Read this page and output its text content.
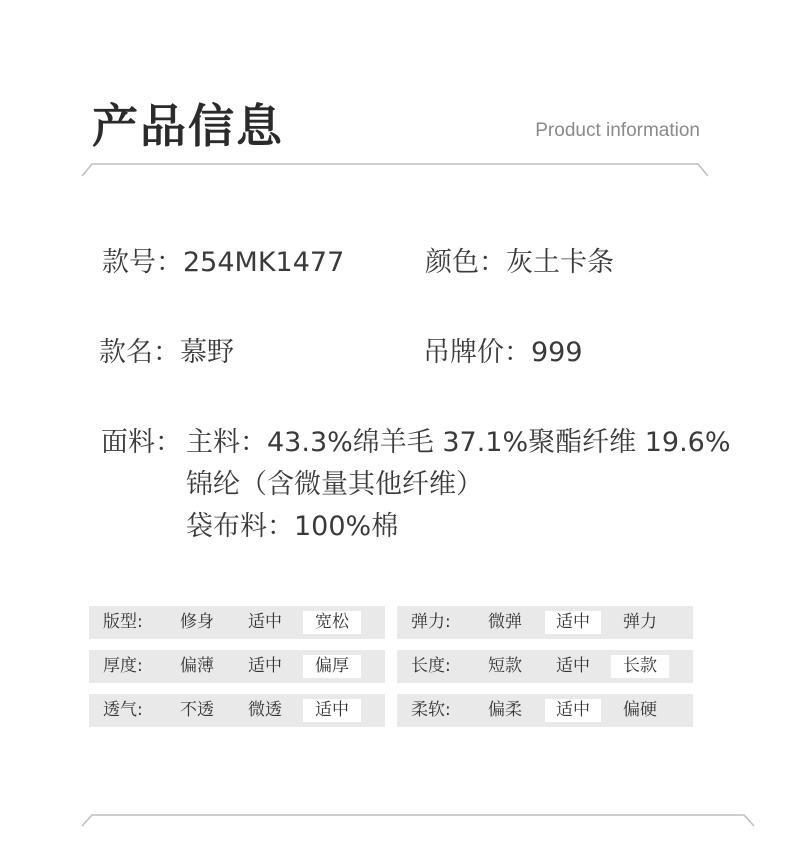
产品信息	Product information
款号：254MK1477	颜色：灰土卡条
款名：慕野	吊牌价：999
面料： 主料：43.3%绵羊毛 37.1%聚酯纤维 19.6%
锦纶（含微量其他纤维）
袋布料：100%棉
版型:	修身	适中	宽松	弹力:	微弹	适中	弹力
厚度:	偏薄	适中	偏厚	长度:	短款	适中	长款
透气:	不透	微透	适中	柔软:	偏柔	适中	偏硬
